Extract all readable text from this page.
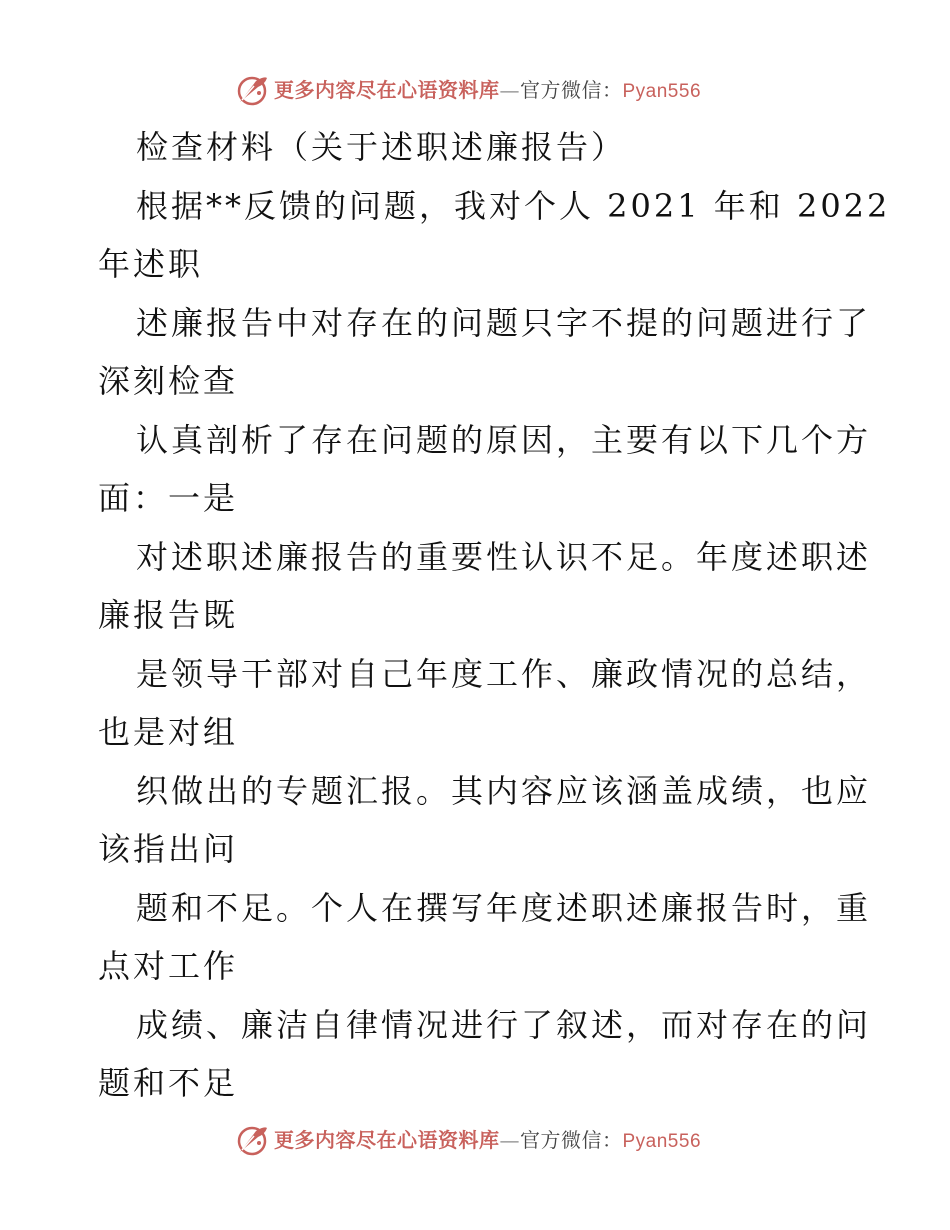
更多内容尽在心语资料库—官方微信：Pyan556
检查材料（关于述职述廉报告）
根据**反馈的问题，我对个人 2021 年和 2022
年述职
述廉报告中对存在的问题只字不提的问题进行了
深刻检查
认真剖析了存在问题的原因，主要有以下几个方
面：一是
对述职述廉报告的重要性认识不足。年度述职述
廉报告既
是领导干部对自己年度工作、廉政情况的总结，
也是对组
织做出的专题汇报。其内容应该涵盖成绩，也应
该指出问
题和不足。个人在撰写年度述职述廉报告时，重
点对工作
成绩、廉洁自律情况进行了叙述，而对存在的问
题和不足
更多内容尽在心语资料库—官方微信：Pyan556
